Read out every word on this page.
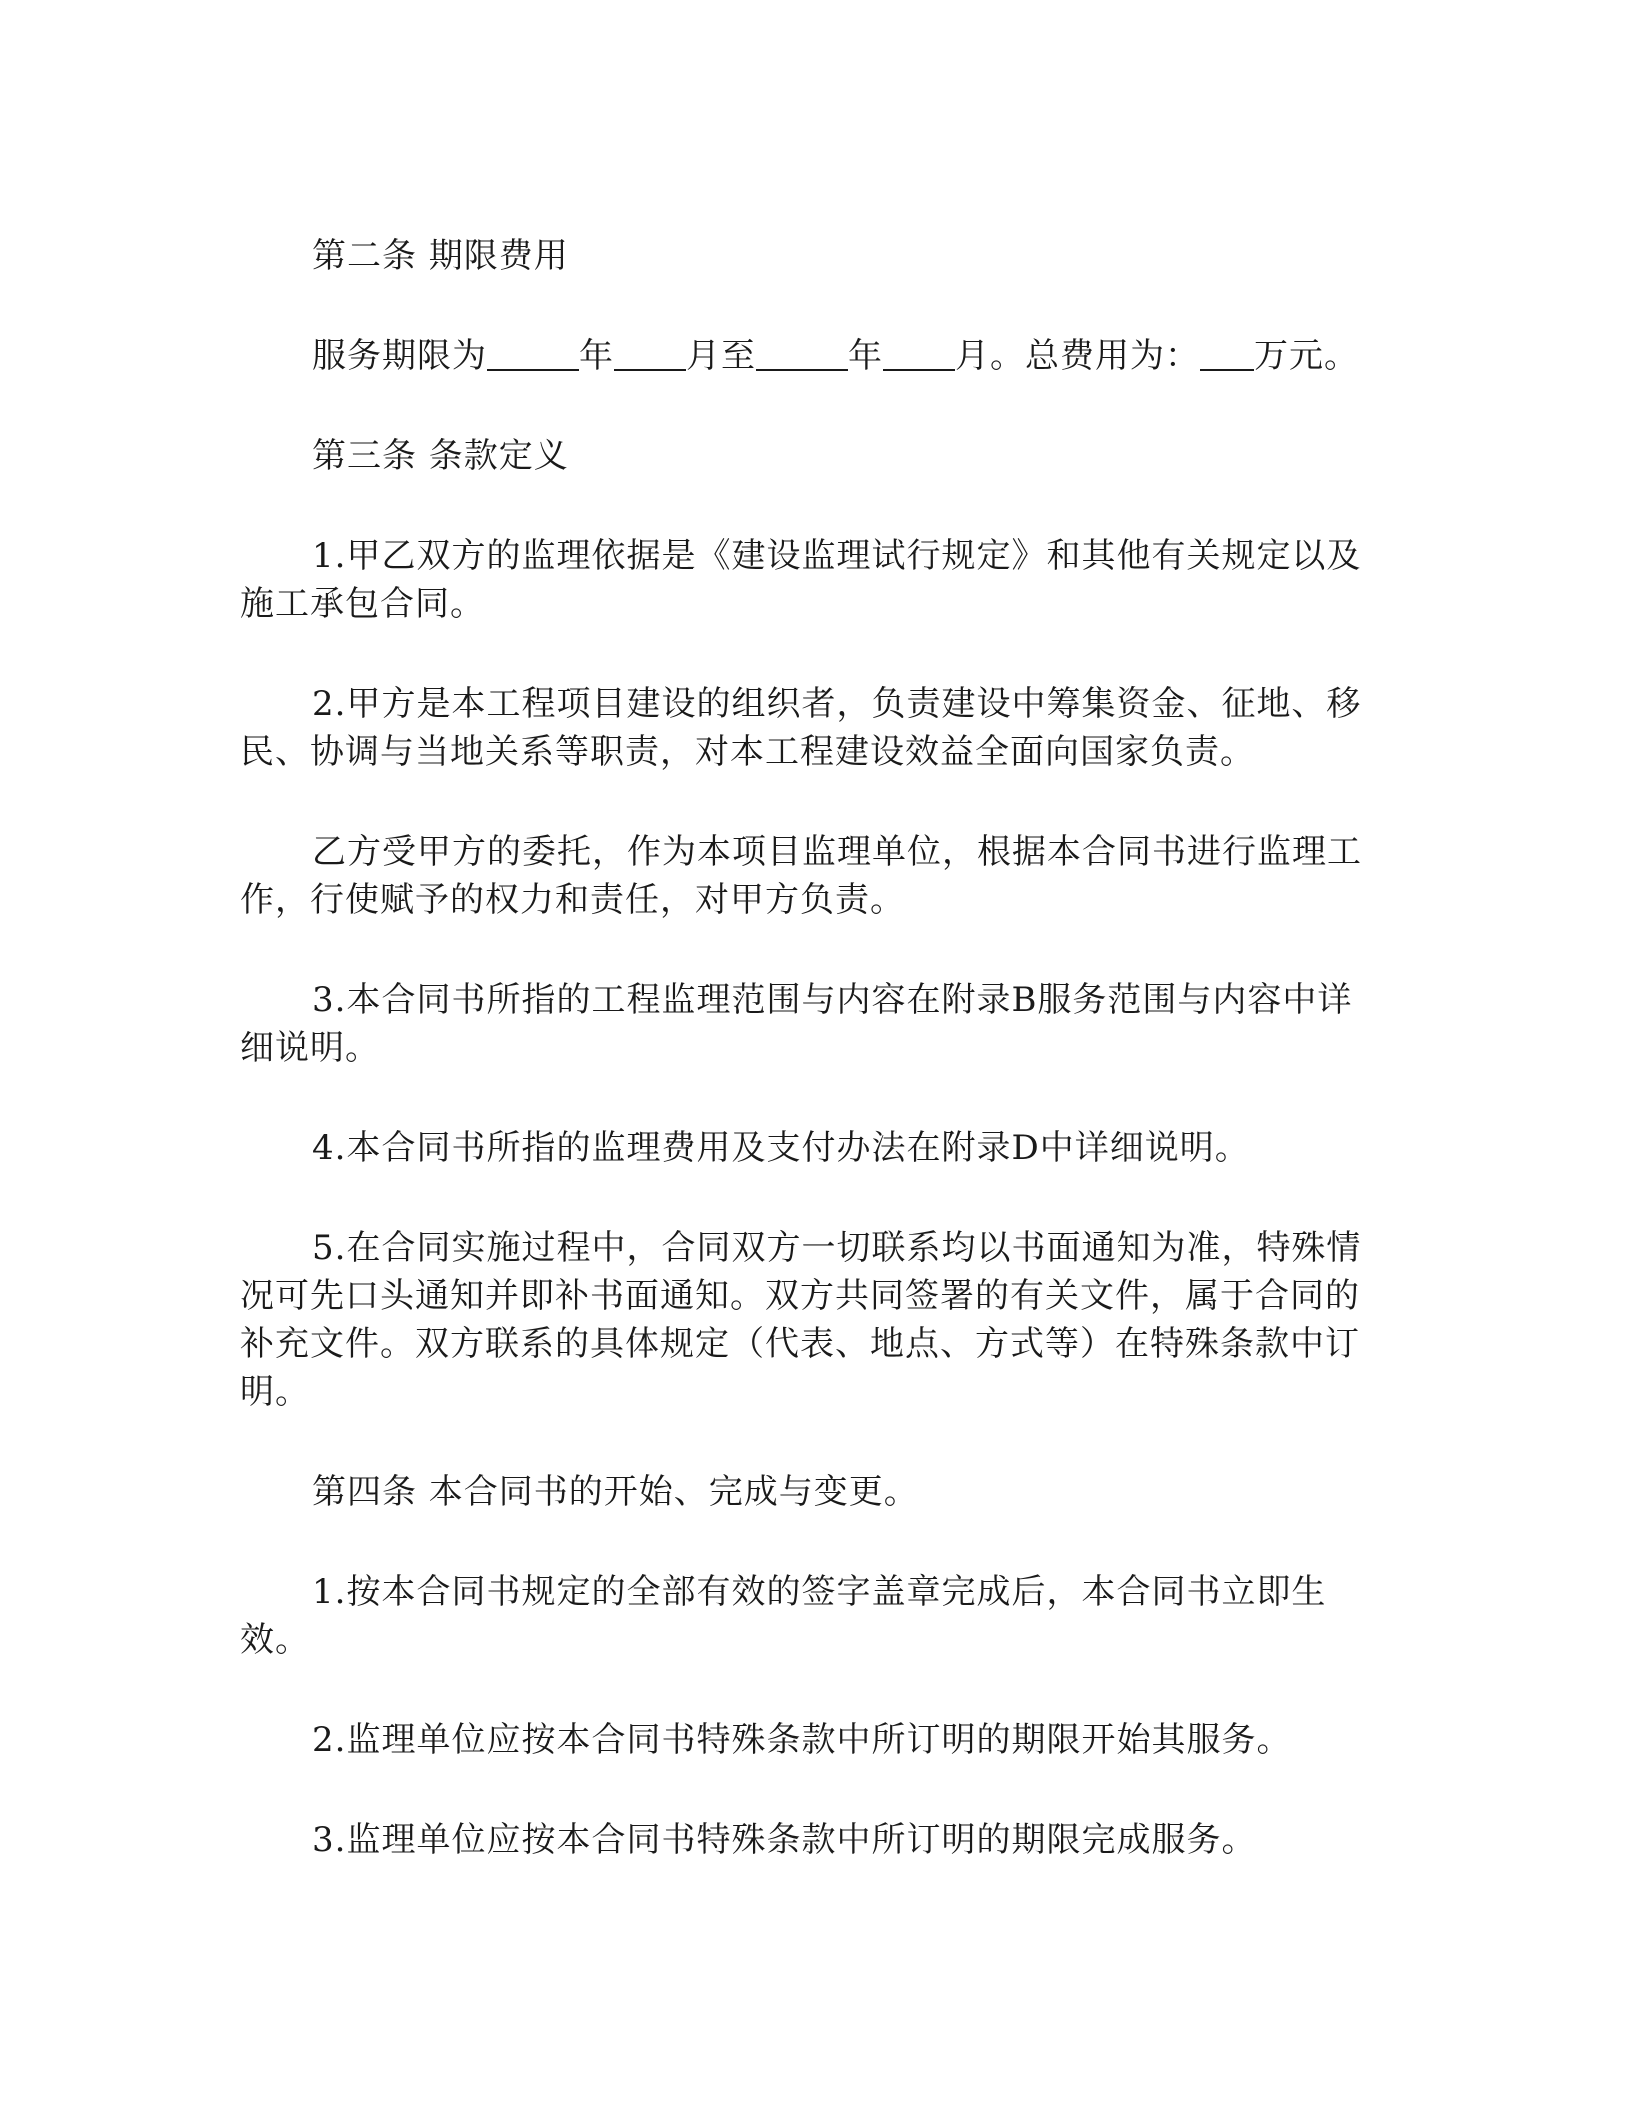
第二条 期限费用

服务期限为	年 月至	年 月。总费用为： 万元。

第三条 条款定义

1.甲乙双方的监理依据是《建设监理试行规定》和其他有关规定以及施工承包合同。

2.甲方是本工程项目建设的组织者，负责建设中筹集资金、征地、移民、协调与当地关系等职责，对本工程建设效益全面向国家负责。

乙方受甲方的委托，作为本项目监理单位，根据本合同书进行监理工作，行使赋予的权力和责任，对甲方负责。

3.本合同书所指的工程监理范围与内容在附录B服务范围与内容中详细说明。

4.本合同书所指的监理费用及支付办法在附录D中详细说明。

5.在合同实施过程中，合同双方一切联系均以书面通知为准，特殊情况可先口头通知并即补书面通知。双方共同签署的有关文件，属于合同的补充文件。双方联系的具体规定（代表、地点、方式等）在特殊条款中订明。

第四条 本合同书的开始、完成与变更。

1.按本合同书规定的全部有效的签字盖章完成后，本合同书立即生效。

2.监理单位应按本合同书特殊条款中所订明的期限开始其服务。

3.监理单位应按本合同书特殊条款中所订明的期限完成服务。
